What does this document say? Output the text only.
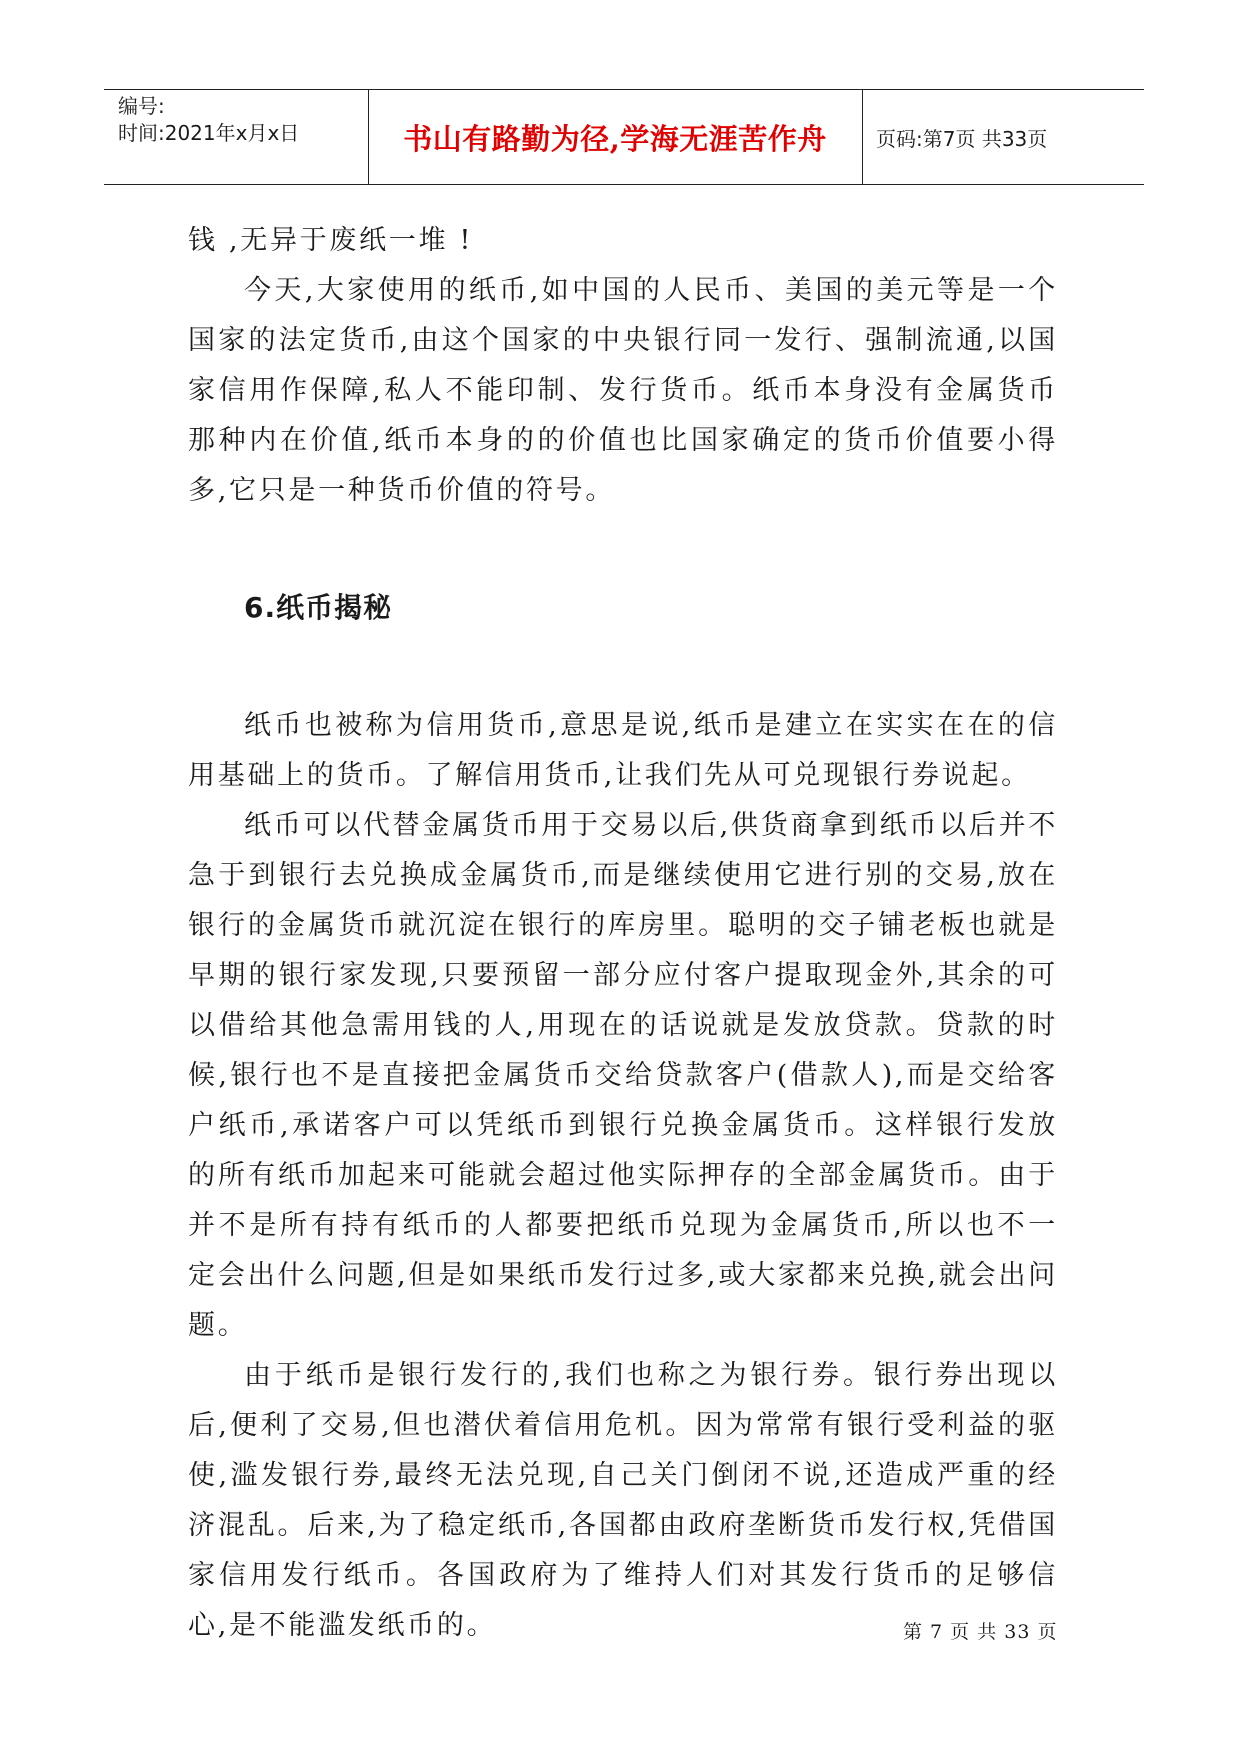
编号:
时间:2021年x月x日	书山有路勤为径,学海无涯苦作舟 页码:第7页 共33页

钱 ,无异于废纸一堆 !

今天,大家使用的纸币,如中国的人民币、美国的美元等是一个国家的法定货币,由这个国家的中央银行同一发行、强制流通,以国家信用作保障,私人不能印制、发行货币。纸币本身没有金属货币那种内在价值,纸币本身的的价值也比国家确定的货币价值要小得多,它只是一种货币价值的符号。

6.纸币揭秘

纸币也被称为信用货币,意思是说,纸币是建立在实实在在的信用基础上的货币。了解信用货币,让我们先从可兑现银行券说起。

纸币可以代替金属货币用于交易以后,供货商拿到纸币以后并不急于到银行去兑换成金属货币,而是继续使用它进行别的交易,放在银行的金属货币就沉淀在银行的库房里。聪明的交子铺老板也就是早期的银行家发现,只要预留一部分应付客户提取现金外,其余的可以借给其他急需用钱的人,用现在的话说就是发放贷款。贷款的时候,银行也不是直接把金属货币交给贷款客户(借款人),而是交给客户纸币,承诺客户可以凭纸币到银行兑换金属货币。这样银行发放的所有纸币加起来可能就会超过他实际押存的全部金属货币。由于并不是所有持有纸币的人都要把纸币兑现为金属货币,所以也不一定会出什么问题,但是如果纸币发行过多,或大家都来兑换,就会出问题。

由于纸币是银行发行的,我们也称之为银行券。银行券出现以后,便利了交易,但也潜伏着信用危机。因为常常有银行受利益的驱使,滥发银行券,最终无法兑现,自己关门倒闭不说,还造成严重的经济混乱。后来,为了稳定纸币,各国都由政府垄断货币发行权,凭借国家信用发行纸币。各国政府为了维持人们对其发行货币的足够信心,是不能滥发纸币的。	第 7 页 共 33 页
